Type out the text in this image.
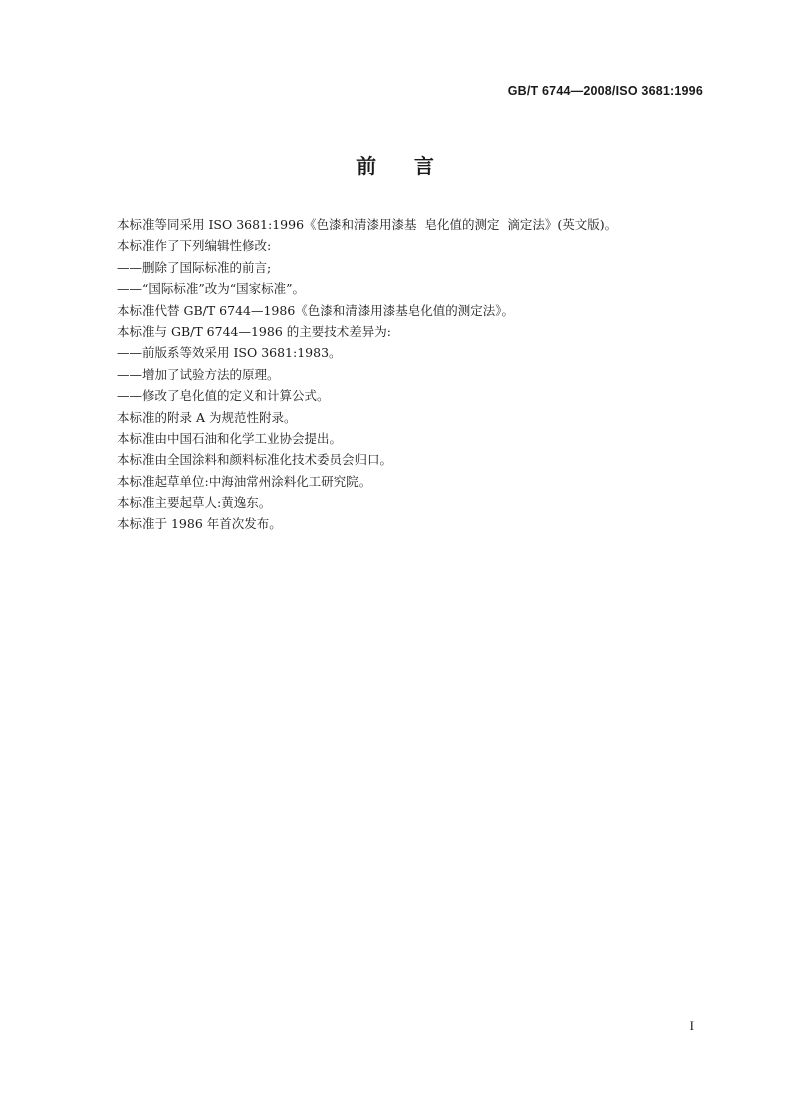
GB/T 6744—2008/ISO 3681:1996
前    言
本标准等同采用 ISO 3681:1996《色漆和清漆用漆基  皂化值的测定  滴定法》(英文版)。
本标准作了下列编辑性修改:
——删除了国际标准的前言;
——“国际标准”改为“国家标准”。
本标准代替 GB/T 6744—1986《色漆和清漆用漆基皂化值的测定法》。
本标准与 GB/T 6744—1986 的主要技术差异为:
——前版系等效采用 ISO 3681:1983。
——增加了试验方法的原理。
——修改了皂化值的定义和计算公式。
本标准的附录 A 为规范性附录。
本标准由中国石油和化学工业协会提出。
本标准由全国涂料和颜料标准化技术委员会归口。
本标准起草单位:中海油常州涂料化工研究院。
本标准主要起草人:黄逸东。
本标准于 1986 年首次发布。
I
